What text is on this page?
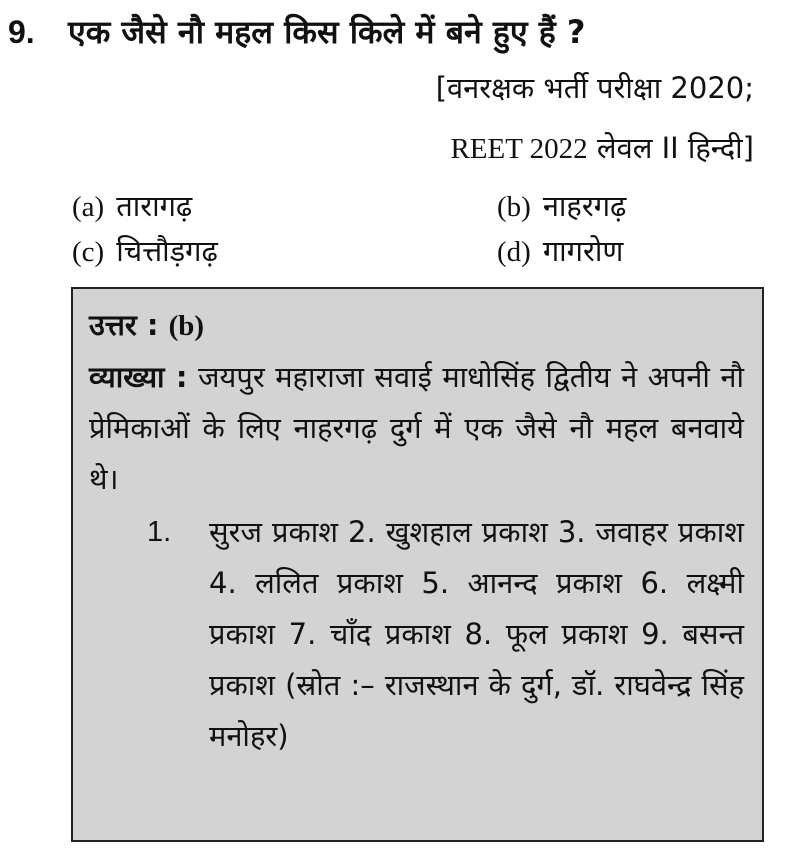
9.	एक जैसे नौ महल किस किले में बने हुए हैं ?
[वनरक्षक भर्ती परीक्षा 2020;
REET 2022 लेवल II हिन्दी]
(a) तारागढ़	(b) नाहरगढ़
(c) चित्तौड़गढ़	(d) गागरोण
उत्तर : (b)
व्याख्या : जयपुर महाराजा सवाई माधोसिंह द्वितीय ने अपनी नौ प्रेमिकाओं के लिए नाहरगढ़ दुर्ग में एक जैसे नौ महल बनवाये थे।
1.	सुरज प्रकाश 2. खुशहाल प्रकाश 3. जवाहर प्रकाश 4. ललित प्रकाश 5. आनन्द प्रकाश 6. लक्ष्मी प्रकाश 7. चाँद प्रकाश 8. फूल प्रकाश 9. बसन्त प्रकाश (स्रोत :– राजस्थान के दुर्ग, डॉ. राघवेन्द्र सिंह मनोहर)
